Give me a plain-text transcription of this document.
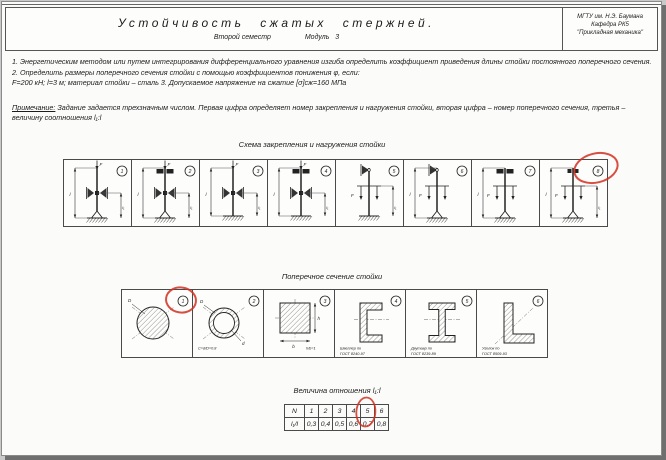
Устойчивость сжатых стержней.
Второй семестр	Модуль 3
МГТУ им. Н.Э. Баумана
Кафедра РК5
"Прикладная механика"
1. Энергетическим методом или путем интегрирования дифференциального уравнения изгиба определить коэффициент приведения длины стойки постоянного поперечного сечения.
2. Определить размеры поперечного сечения стойки с помощью коэффициентов понижения φ, если:
F=200 кН; l=3 м; материал стойки – сталь 3. Допускаемое напряжение на сжатие [σ]сж=160 МПа
Примечание: Задание задается трехзначным числом. Первая цифра определяет номер закрепления и нагружения стойки, вторая цифра – номер поперечного сечения, третья – величину соотношения l₁:l
Схема закрепления и нагружения стойки
F
l
l₁
1
F
l
l₁
2
F
l
l₁
3
F
l
l₁
4
F
l₁
5
F
l
6
F
l
7
F
l
l₁
8
Поперечное сечение стойки
D	1	D
d
C=d/D=0.8
2
b
h
h/b=1
3
Швеллер по
ГОСТ 8240-97
4
Двутавр по
ГОСТ 8239-89
5
Уголок по
ГОСТ 8509-93
6
Величина отношения l₁:l
N	1	2	3	4	5	6
l₁/l	0,3	0,4	0,5	0,6	0,7	0,8
